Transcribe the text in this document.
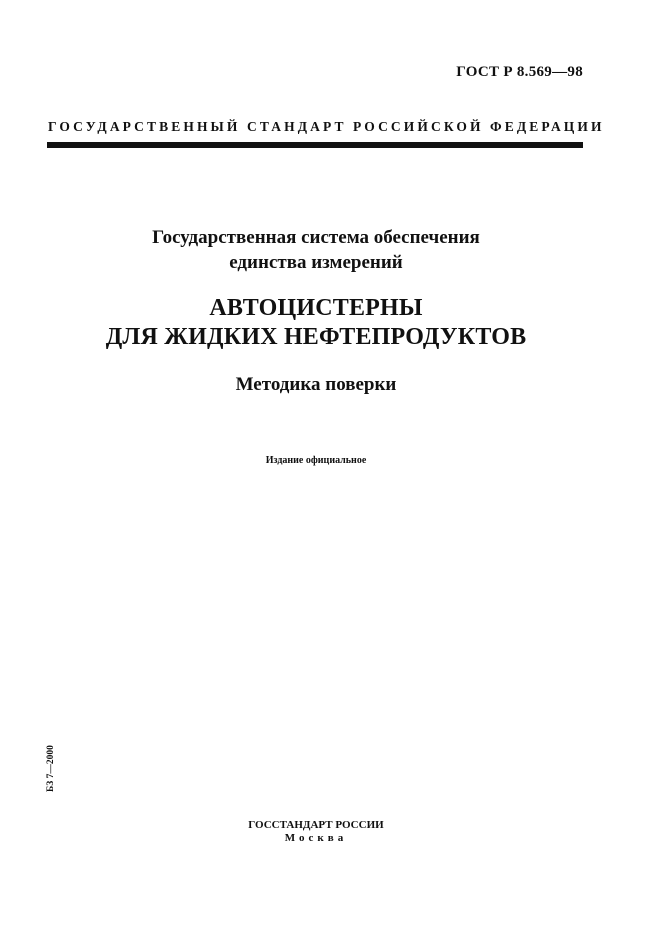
ГОСТ Р 8.569—98
ГОСУДАРСТВЕННЫЙ СТАНДАРТ РОССИЙСКОЙ ФЕДЕРАЦИИ
Государственная система обеспечения
единства измерений
АВТОЦИСТЕРНЫ
ДЛЯ ЖИДКИХ НЕФТЕПРОДУКТОВ
Методика поверки
Издание официальное
БЗ 7—2000
ГОССТАНДАРТ РОССИИ
Москва
